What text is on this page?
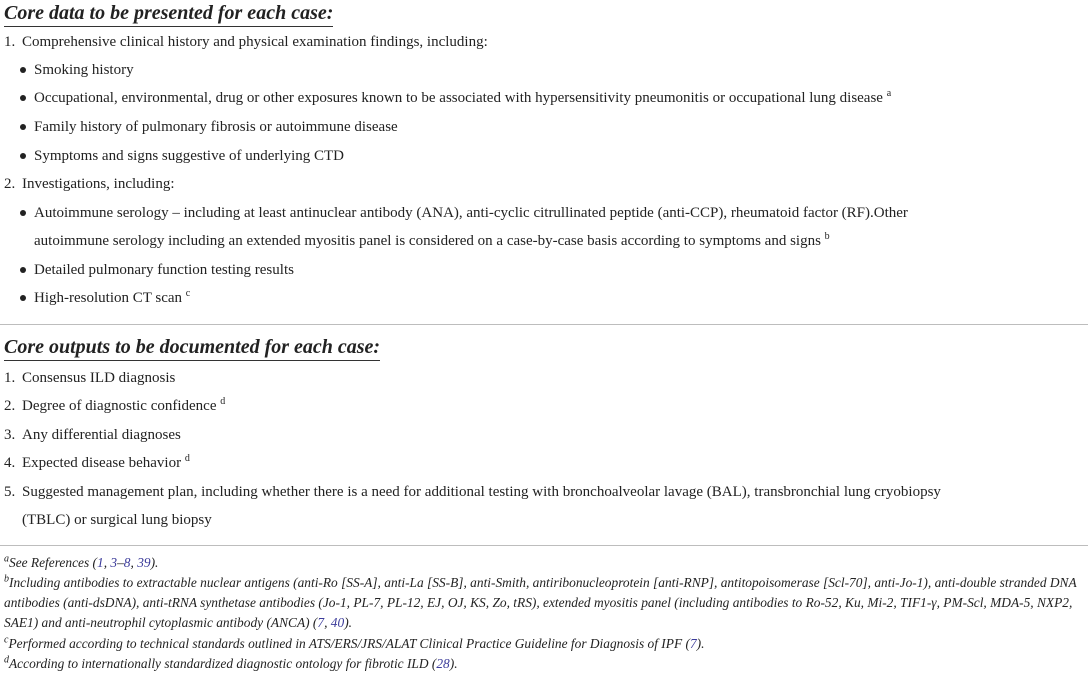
Core data to be presented for each case:
1. Comprehensive clinical history and physical examination findings, including:
Smoking history
Occupational, environmental, drug or other exposures known to be associated with hypersensitivity pneumonitis or occupational lung disease $^a$
Family history of pulmonary fibrosis or autoimmune disease
Symptoms and signs suggestive of underlying CTD
2. Investigations, including:
Autoimmune serology – including at least antinuclear antibody (ANA), anti-cyclic citrullinated peptide (anti-CCP), rheumatoid factor (RF).Other
autoimmune serology including an extended myositis panel is considered on a case-by-case basis according to symptoms and signs $^b$
Detailed pulmonary function testing results
High-resolution CT scan $^c$
Core outputs to be documented for each case:
1. Consensus ILD diagnosis
2. Degree of diagnostic confidence $^d$
3. Any differential diagnoses
4. Expected disease behavior $^d$
5. Suggested management plan, including whether there is a need for additional testing with bronchoalveolar lavage (BAL), transbronchial lung cryobiopsy
(TBLC) or surgical lung biopsy
$^a$See References (1, 3–8, 39).
$^b$Including antibodies to extractable nuclear antigens (anti-Ro [SS-A], anti-La [SS-B], anti-Smith, antiribonucleoprotein [anti-RNP], antitopoisomerase [Scl-70], anti-Jo-1), anti-double stranded DNA antibodies (anti-dsDNA), anti-tRNA synthetase antibodies (Jo-1, PL-7, PL-12, EJ, OJ, KS, Zo, tRS), extended myositis panel (including antibodies to Ro-52, Ku, Mi-2, TIF1-γ, PM-Scl, MDA-5, NXP2, SAE1) and anti-neutrophil cytoplasmic antibody (ANCA) (7, 40).
$^c$Performed according to technical standards outlined in ATS/ERS/JRS/ALAT Clinical Practice Guideline for Diagnosis of IPF (7).
$^d$According to internationally standardized diagnostic ontology for fibrotic ILD (28).
